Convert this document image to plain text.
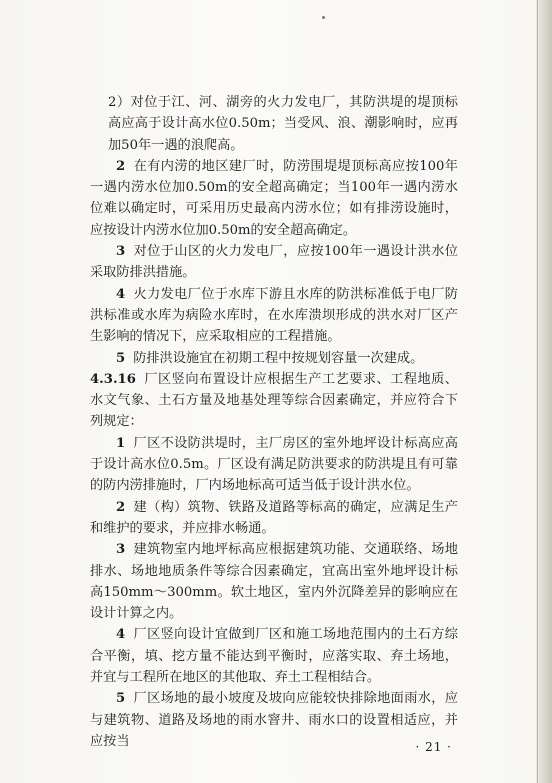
2）对位于江、河、湖旁的火力发电厂，其防洪堤的堤顶标高应高于设计高水位0.50m；当受风、浪、潮影响时，应再加50年一遇的浪爬高。

2 在有内涝的地区建厂时，防涝围堤堤顶标高应按100年一遇内涝水位加0.50m的安全超高确定；当100年一遇内涝水位难以确定时，可采用历史最高内涝水位；如有排涝设施时，应按设计内涝水位加0.50m的安全超高确定。

3 对位于山区的火力发电厂，应按100年一遇设计洪水位采取防排洪措施。

4 火力发电厂位于水库下游且水库的防洪标准低于电厂防洪标准或水库为病险水库时，在水库溃坝形成的洪水对厂区产生影响的情况下，应采取相应的工程措施。

5 防排洪设施宜在初期工程中按规划容量一次建成。

4.3.16 厂区竖向布置设计应根据生产工艺要求、工程地质、水文气象、土石方量及地基处理等综合因素确定，并应符合下列规定：

1 厂区不设防洪堤时，主厂房区的室外地坪设计标高应高于设计高水位0.5m。厂区设有满足防洪要求的防洪堤且有可靠的防内涝排施时，厂内场地标高可适当低于设计洪水位。

2 建（构）筑物、铁路及道路等标高的确定，应满足生产和维护的要求，并应排水畅通。

3 建筑物室内地坪标高应根据建筑功能、交通联络、场地排水、场地地质条件等综合因素确定，宜高出室外地坪设计标高150mm～300mm。软土地区，室内外沉降差异的影响应在设计计算之内。

4 厂区竖向设计宜做到厂区和施工场地范围内的土石方综合平衡，填、挖方量不能达到平衡时，应落实取、弃土场地，并宜与工程所在地区的其他取、弃土工程相结合。

5 厂区场地的最小坡度及坡向应能较快排除地面雨水，应与建筑物、道路及场地的雨水窨井、雨水口的设置相适应，并应按当	· 21 ·
